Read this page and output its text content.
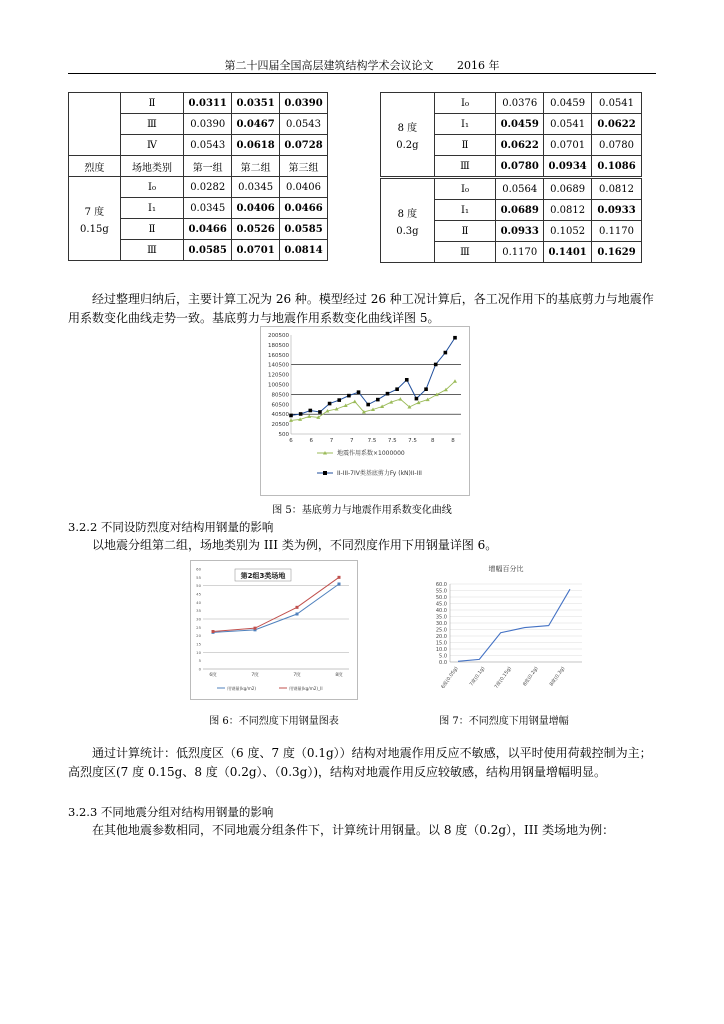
第二十四届全国高层建筑结构学术会议论文 2016 年
	Ⅱ	0.0311	0.0351	0.0390
	Ⅲ	0.0390	0.0467	0.0543
	Ⅳ	0.0543	0.0618	0.0728
烈度	场地类别	第一组	第二组	第三组

7 度
0.15g	Ⅰ₀	0.0282	0.0345	0.0406
	Ⅰ₁	0.0345	0.0406	0.0466
	Ⅱ	0.0466	0.0526	0.0585
	Ⅲ	0.0585	0.0701	0.0814
8 度
0.2g	Ⅰ₀	0.0376	0.0459	0.0541
	Ⅰ₁	0.0459	0.0541	0.0622
	Ⅱ	0.0622	0.0701	0.0780
	Ⅲ	0.0780	0.0934	0.1086

8 度
0.3g	Ⅰ₀	0.0564	0.0689	0.0812
	Ⅰ₁	0.0689	0.0812	0.0933
	Ⅱ	0.0933	0.1052	0.1170
	Ⅲ	0.1170	0.1401	0.1629
经过整理归纳后，主要计算工况为 26 种。模型经过 26 种工况计算后，各工况作用下的基底剪力与地震作用系数变化曲线走势一致。基底剪力与地震作用系数变化曲线详图 5。
200500
180500
160500
140500
120500
100500
80500
60500
40500
20500
500
6	6	7	7	7.5 7.5 7.5	8	8
地震作用系数×1000000
II-III-7IV类基底剪力Fy (kN)II-III
图 5：基底剪力与地震作用系数变化曲线
3.2.2 不同设防烈度对结构用钢量的影响
以地震分组第二组，场地类别为 III 类为例，不同烈度作用下用钢量详图 6。
0
5
10
15
20
25
30
35
40
45
50
55
60
第2组3类场地
6度	7度	7度	8度
用钢量(kg/m2)	用钢量(kg/m2)_II
图 6：不同烈度下用钢量图表
增幅百分比
60.0
55.0
50.0
45.0
40.0
35.0
30.0
25.0
20.0
15.0
10.0
5.0
0.0
6度(0.05g)	7度(0.1g)	7度(0.15g)	8度(0.2g)	8度(0.3g)
图 7：不同烈度下用钢量增幅
通过计算统计：低烈度区（6 度、7 度（0.1g））结构对地震作用反应不敏感，以平时使用荷载控制为主；高烈度区(7 度 0.15g、8 度（0.2g）、（0.3g）)，结构对地震作用反应较敏感，结构用钢量增幅明显。
3.2.3 不同地震分组对结构用钢量的影响
在其他地震参数相同，不同地震分组条件下，计算统计用钢量。以 8 度（0.2g），III 类场地为例：
